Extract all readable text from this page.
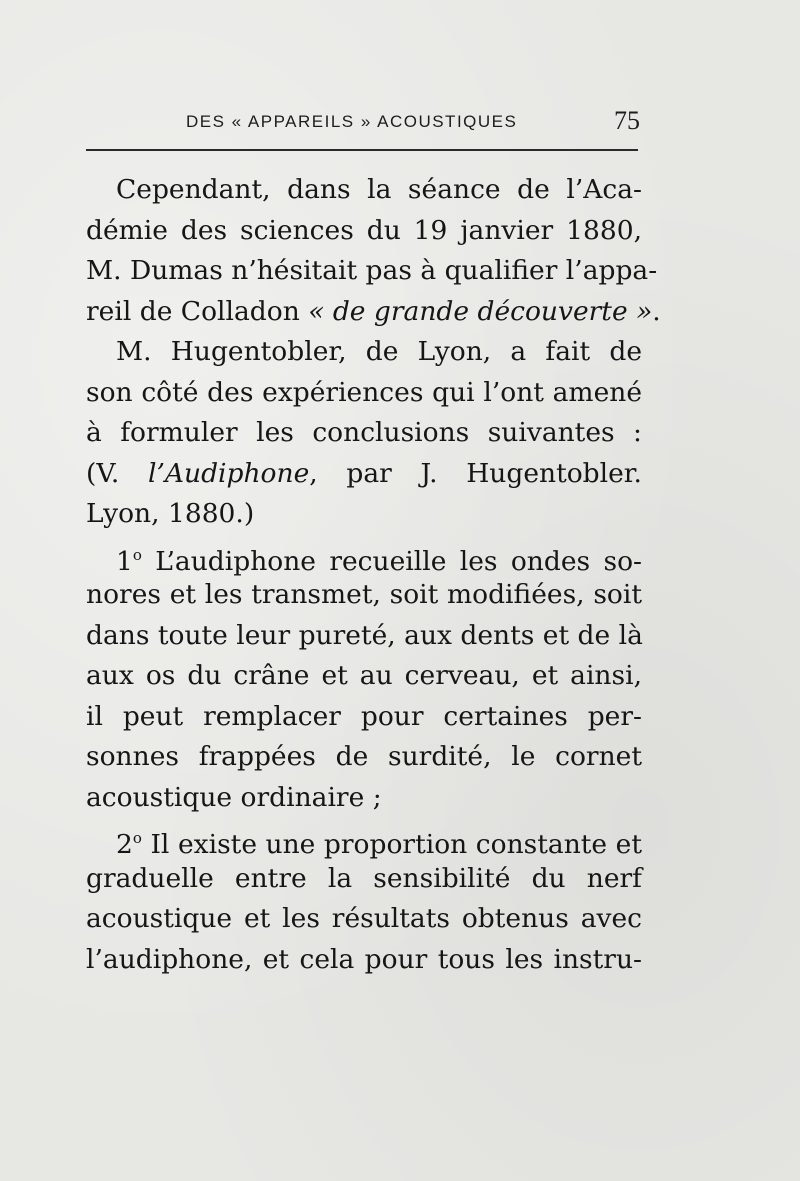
DES « APPAREILS » ACOUSTIQUES	75
Cependant, dans la séance de l’Aca-
démie des sciences du 19 janvier 1880,
M. Dumas n’hésitait pas à qualifier l’appa-
reil de Colladon « de grande découverte ».
M. Hugentobler, de Lyon, a fait de
son côté des expériences qui l’ont amené
à formuler les conclusions suivantes :
(V. l’Audiphone, par J. Hugentobler.
Lyon, 1880.)
1$^o$ L’audiphone recueille les ondes so-
nores et les transmet, soit modifiées, soit
dans toute leur pureté, aux dents et de là
aux os du crâne et au cerveau, et ainsi,
il peut remplacer pour certaines per-
sonnes frappées de surdité, le cornet
acoustique ordinaire ;
2$^o$ Il existe une proportion constante et
graduelle entre la sensibilité du nerf
acoustique et les résultats obtenus avec
l’audiphone, et cela pour tous les instru-
